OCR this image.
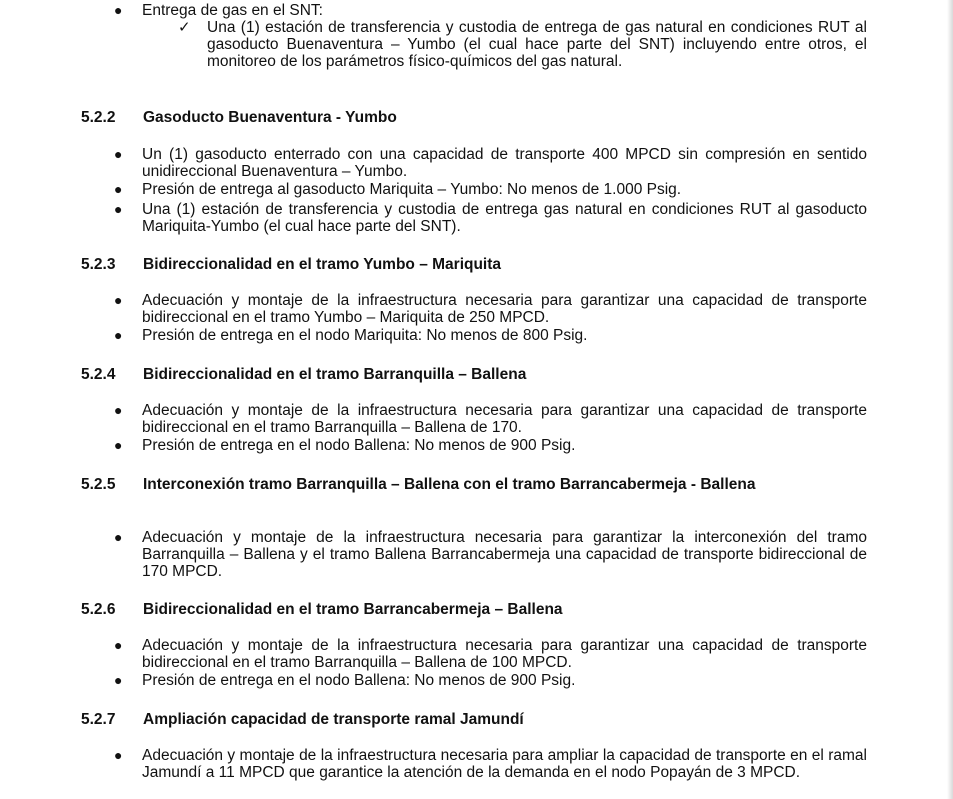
● Entrega de gas en el SNT:
✓ Una (1) estación de transferencia y custodia de entrega de gas natural en condiciones RUT al gasoducto Buenaventura – Yumbo (el cual hace parte del SNT) incluyendo entre otros, el monitoreo de los parámetros físico-químicos del gas natural.
5.2.2 Gasoducto Buenaventura - Yumbo
● Un (1) gasoducto enterrado con una capacidad de transporte 400 MPCD sin compresión en sentido unidireccional Buenaventura – Yumbo.
● Presión de entrega al gasoducto Mariquita – Yumbo: No menos de 1.000 Psig.
● Una (1) estación de transferencia y custodia de entrega gas natural en condiciones RUT al gasoducto Mariquita-Yumbo (el cual hace parte del SNT).
5.2.3 Bidireccionalidad en el tramo Yumbo – Mariquita
● Adecuación y montaje de la infraestructura necesaria para garantizar una capacidad de transporte bidireccional en el tramo Yumbo – Mariquita de 250 MPCD.
● Presión de entrega en el nodo Mariquita: No menos de 800 Psig.
5.2.4 Bidireccionalidad en el tramo Barranquilla – Ballena
● Adecuación y montaje de la infraestructura necesaria para garantizar una capacidad de transporte bidireccional en el tramo Barranquilla – Ballena de 170.
● Presión de entrega en el nodo Ballena: No menos de 900 Psig.
5.2.5 Interconexión tramo Barranquilla – Ballena con el tramo Barrancabermeja - Ballena
● Adecuación y montaje de la infraestructura necesaria para garantizar la interconexión del tramo Barranquilla – Ballena y el tramo Ballena Barrancabermeja una capacidad de transporte bidireccional de 170 MPCD.
5.2.6 Bidireccionalidad en el tramo Barrancabermeja – Ballena
● Adecuación y montaje de la infraestructura necesaria para garantizar una capacidad de transporte bidireccional en el tramo Barranquilla – Ballena de 100 MPCD.
● Presión de entrega en el nodo Ballena: No menos de 900 Psig.
5.2.7 Ampliación capacidad de transporte ramal Jamundí
● Adecuación y montaje de la infraestructura necesaria para ampliar la capacidad de transporte en el ramal Jamundí a 11 MPCD que garantice la atención de la demanda en el nodo Popayán de 3 MPCD.
